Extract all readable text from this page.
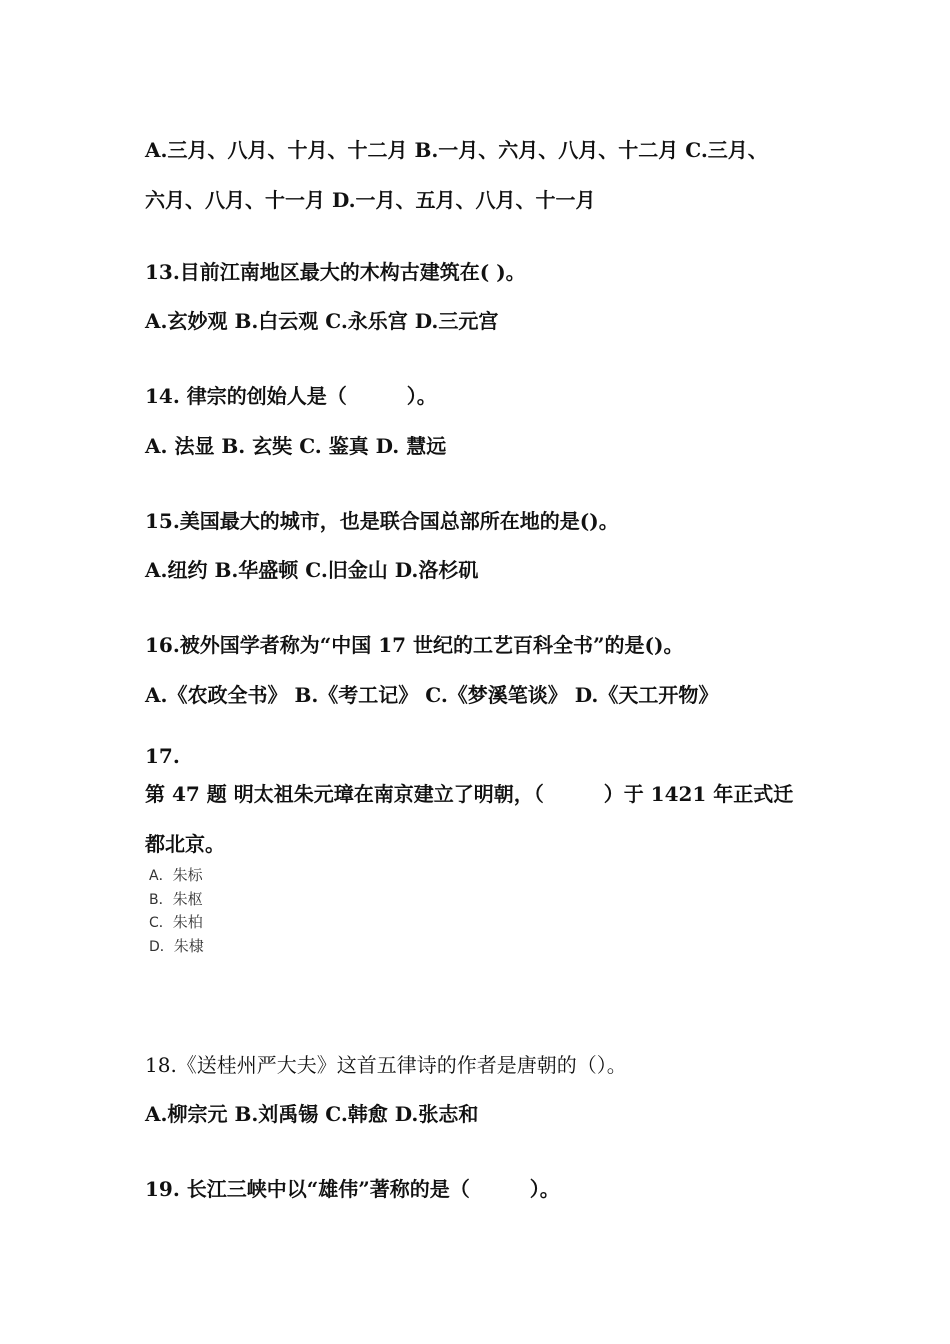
A.三月、八月、十月、十二月 B.一月、六月、八月、十二月 C.三月、
六月、八月、十一月 D.一月、五月、八月、十一月
13.目前江南地区最大的木构古建筑在( )。
A.玄妙观 B.白云观 C.永乐宫 D.三元宫
14. 律宗的创始人是（　　　）。
A. 法显 B. 玄奘 C. 鉴真 D. 慧远
15.美国最大的城市，也是联合国总部所在地的是()。
A.纽约 B.华盛顿 C.旧金山 D.洛杉矶
16.被外国学者称为“中国 17 世纪的工艺百科全书”的是()。
A.《农政全书》 B.《考工记》 C.《梦溪笔谈》 D.《天工开物》
17.
第 47 题 明太祖朱元璋在南京建立了明朝，（　　　）于 1421 年正式迁
都北京。
A．朱标
B．朱枢
C．朱柏
D．朱棣
18.《送桂州严大夫》这首五律诗的作者是唐朝的（）。
A.柳宗元 B.刘禹锡 C.韩愈 D.张志和
19. 长江三峡中以“雄伟”著称的是（　　　）。
